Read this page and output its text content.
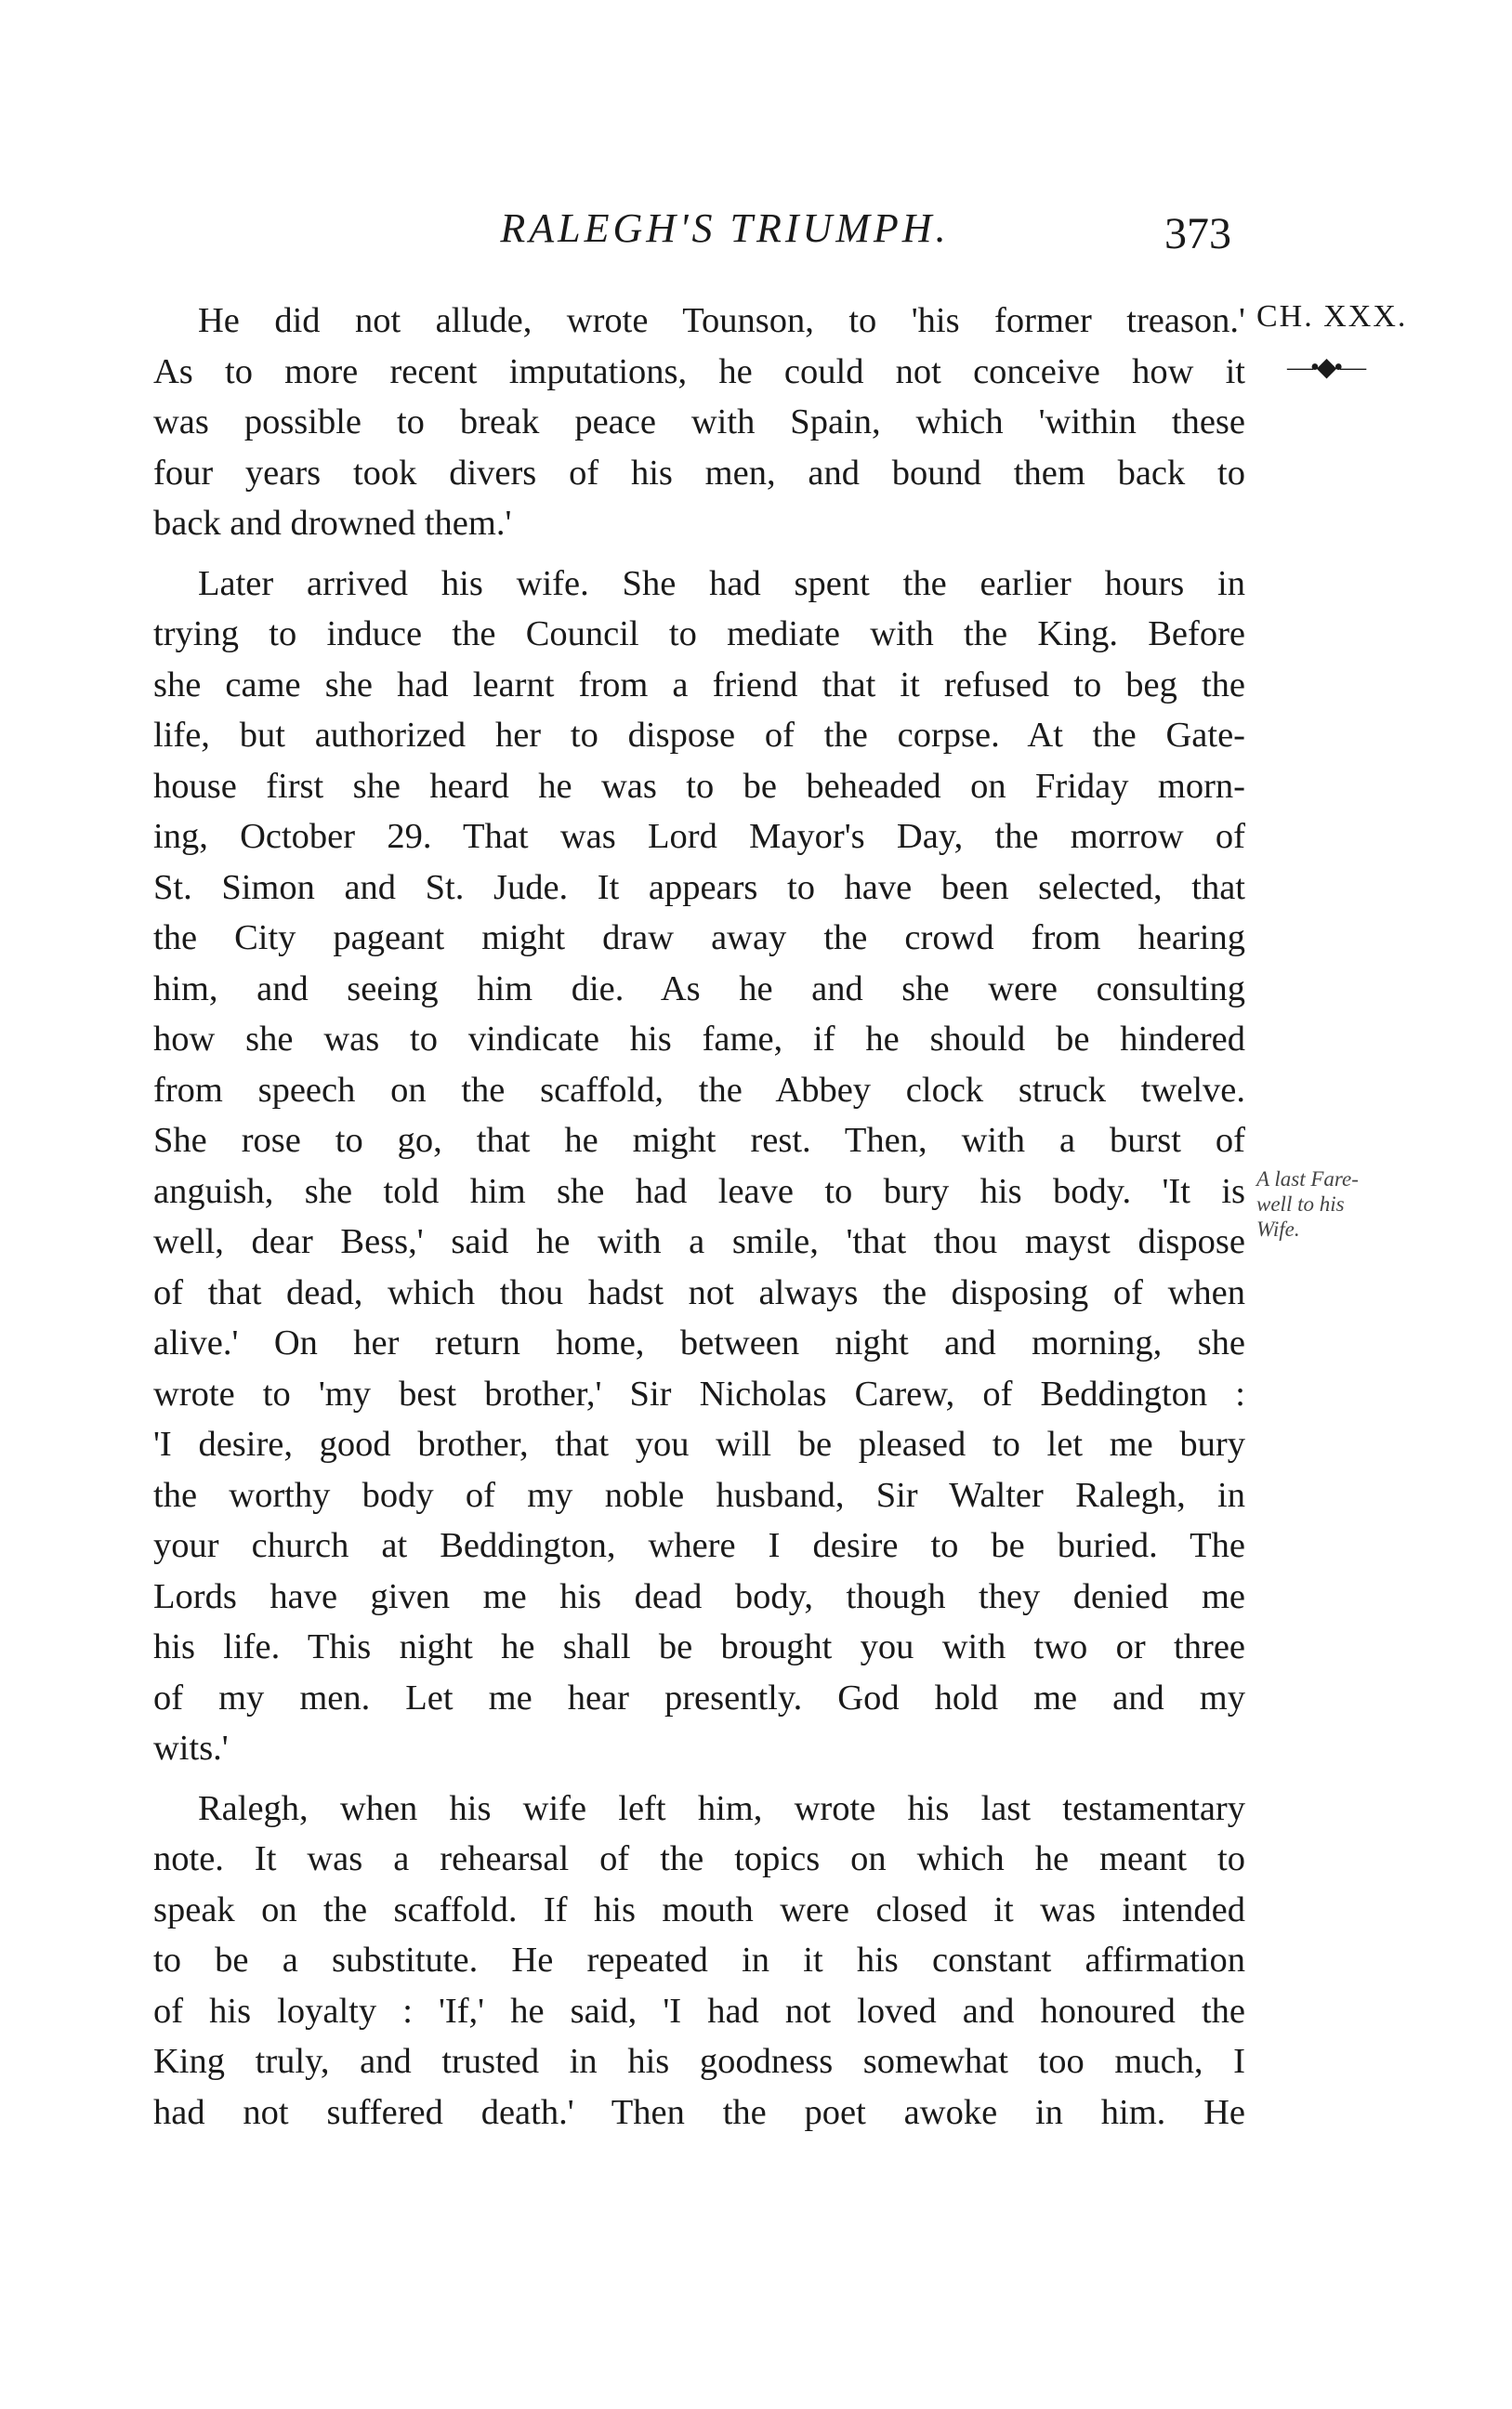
RALEGH'S TRIUMPH.	373
CH. XXX.
—•◆•—
A last Fare-
well to his
Wife.

He did not allude, wrote Tounson, to 'his former treason.'
As to more recent imputations, he could not conceive how it
was possible to break peace with Spain, which 'within these
four years took divers of his men, and bound them back to
back and drowned them.'

Later arrived his wife. She had spent the earlier hours in
trying to induce the Council to mediate with the King. Before
she came she had learnt from a friend that it refused to beg the
life, but authorized her to dispose of the corpse. At the Gate-
house first she heard he was to be beheaded on Friday morn-
ing, October 29. That was Lord Mayor's Day, the morrow of
St. Simon and St. Jude. It appears to have been selected, that
the City pageant might draw away the crowd from hearing
him, and seeing him die. As he and she were consulting
how she was to vindicate his fame, if he should be hindered
from speech on the scaffold, the Abbey clock struck twelve.
She rose to go, that he might rest. Then, with a burst of
anguish, she told him she had leave to bury his body. 'It is
well, dear Bess,' said he with a smile, 'that thou mayst dispose
of that dead, which thou hadst not always the disposing of when
alive.' On her return home, between night and morning, she
wrote to 'my best brother,' Sir Nicholas Carew, of Beddington :
'I desire, good brother, that you will be pleased to let me bury
the worthy body of my noble husband, Sir Walter Ralegh, in
your church at Beddington, where I desire to be buried. The
Lords have given me his dead body, though they denied me
his life. This night he shall be brought you with two or three
of my men. Let me hear presently. God hold me and my
wits.'

Ralegh, when his wife left him, wrote his last testamentary
note. It was a rehearsal of the topics on which he meant to
speak on the scaffold. If his mouth were closed it was intended
to be a substitute. He repeated in it his constant affirmation
of his loyalty : 'If,' he said, 'I had not loved and honoured the
King truly, and trusted in his goodness somewhat too much, I
had not suffered death.' Then the poet awoke in him. He
